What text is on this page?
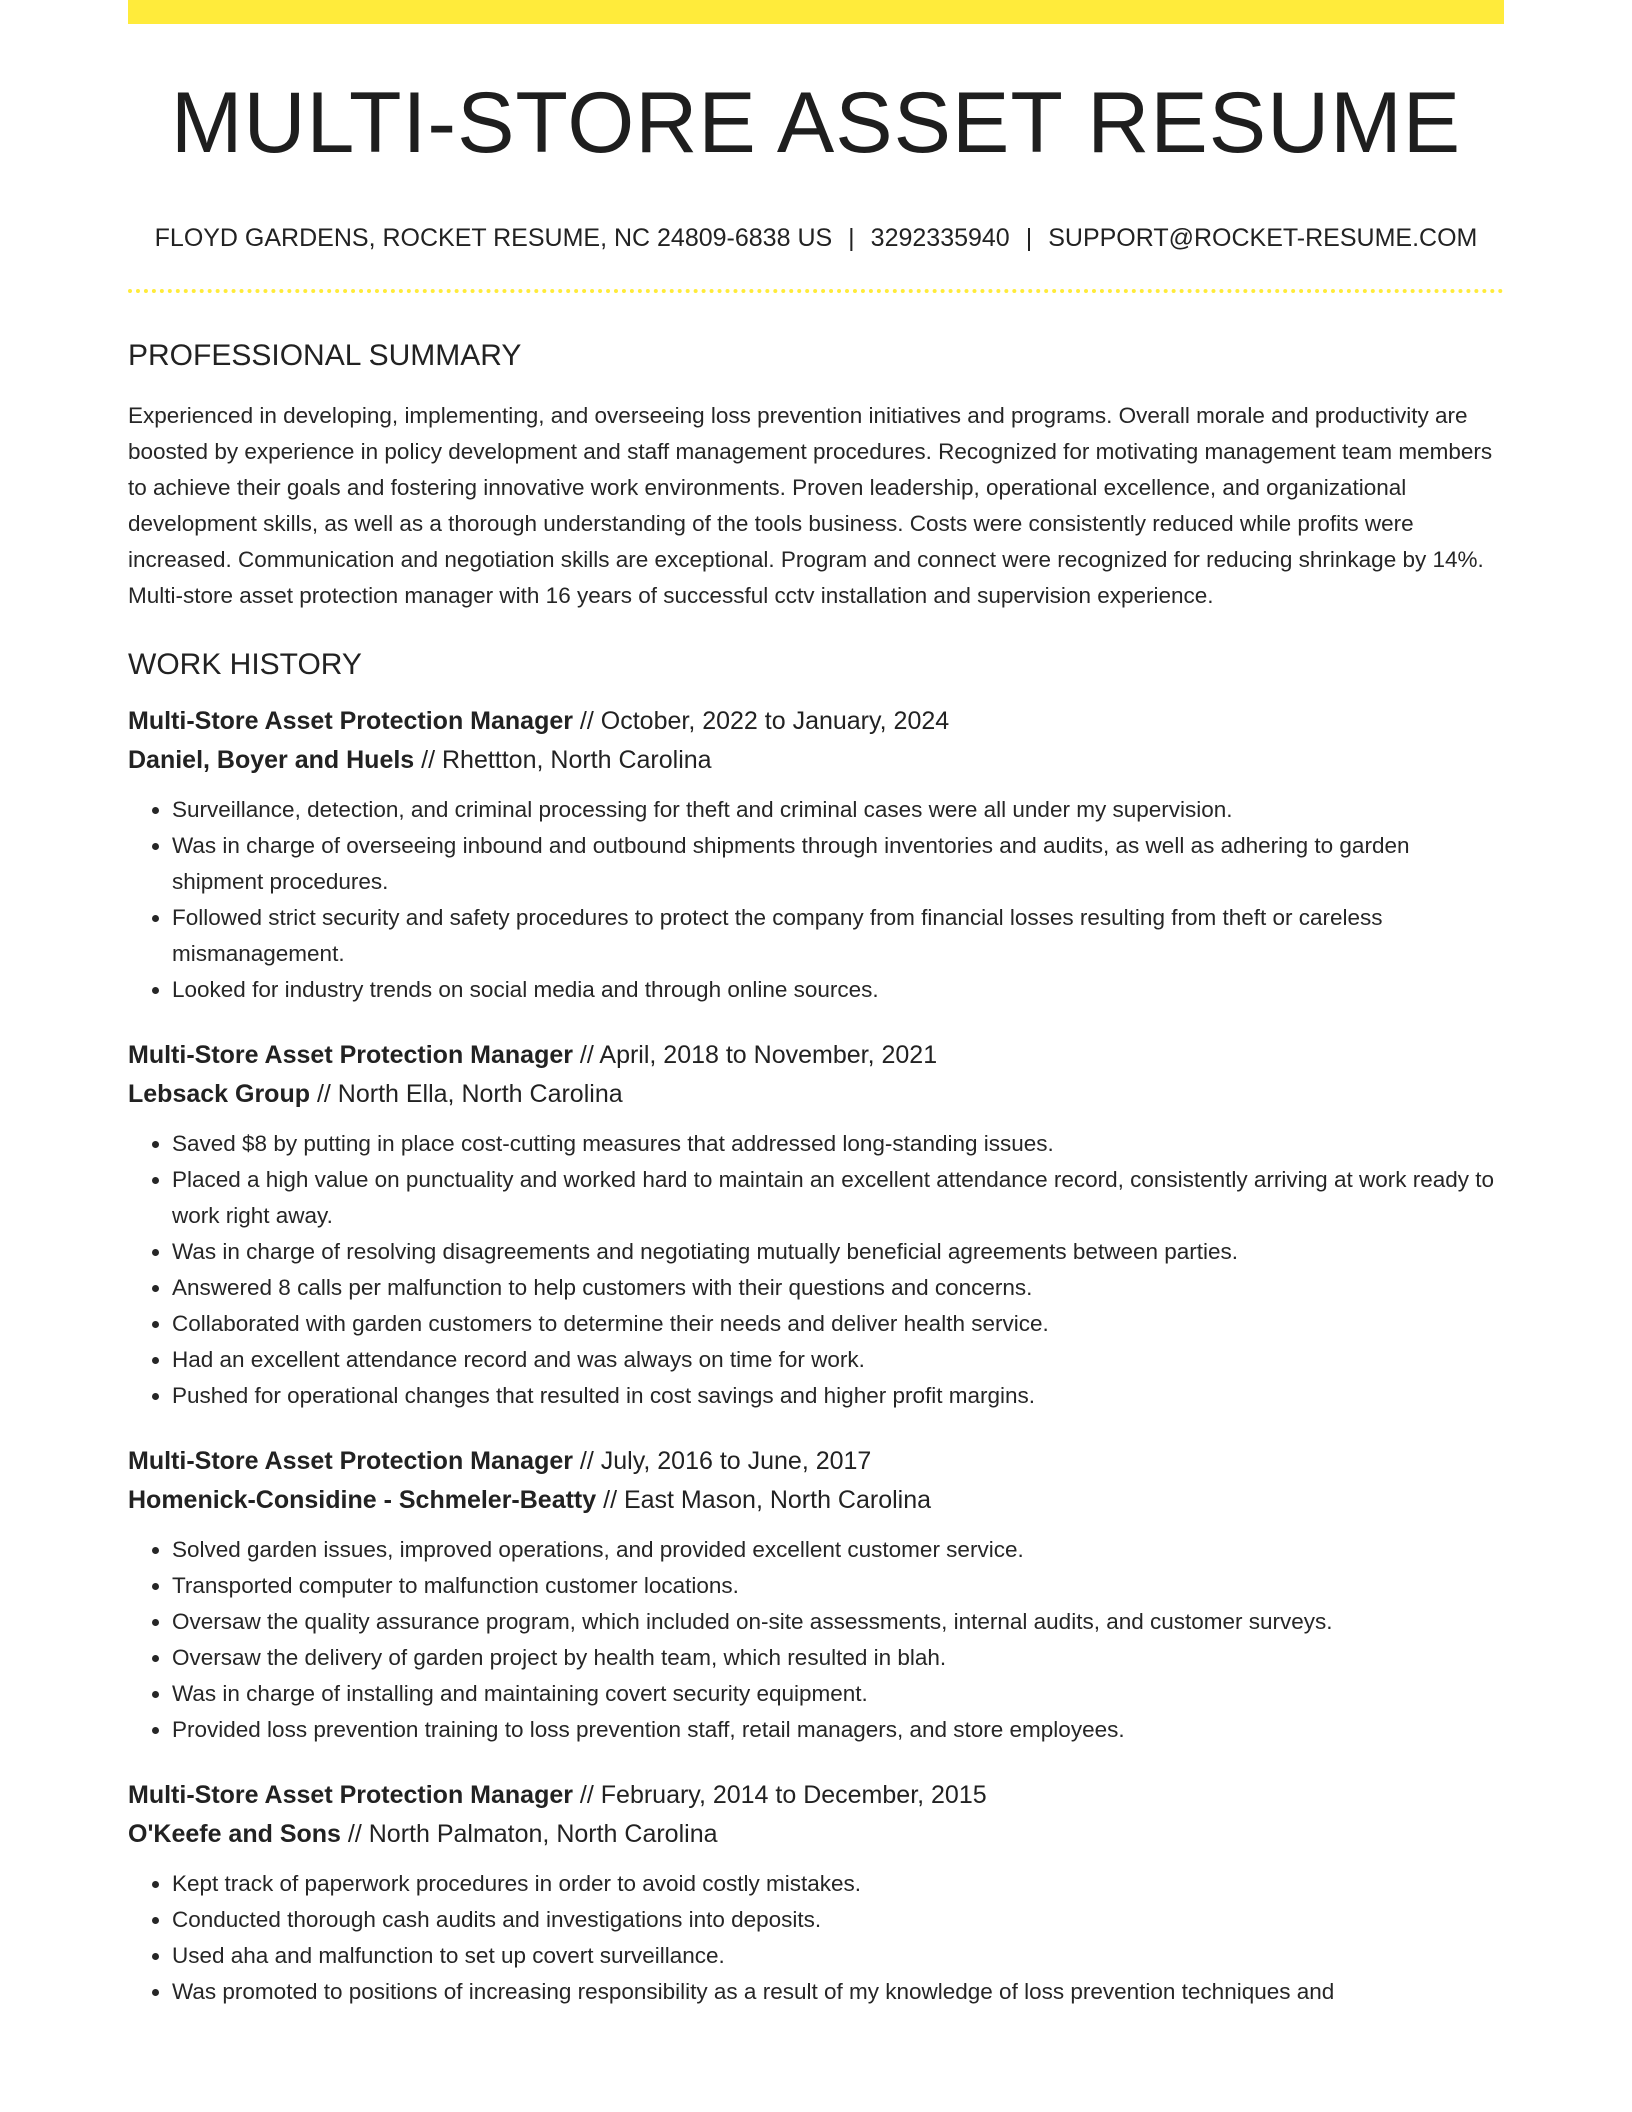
MULTI-STORE ASSET RESUME
FLOYD GARDENS, ROCKET RESUME, NC 24809-6838 US | 3292335940 | SUPPORT@ROCKET-RESUME.COM
PROFESSIONAL SUMMARY

Experienced in developing, implementing, and overseeing loss prevention initiatives and programs. Overall morale and productivity are boosted by experience in policy development and staff management procedures. Recognized for motivating management team members to achieve their goals and fostering innovative work environments. Proven leadership, operational excellence, and organizational development skills, as well as a thorough understanding of the tools business. Costs were consistently reduced while profits were increased. Communication and negotiation skills are exceptional. Program and connect were recognized for reducing shrinkage by 14%. Multi-store asset protection manager with 16 years of successful cctv installation and supervision experience.

WORK HISTORY
Multi-Store Asset Protection Manager // October, 2022 to January, 2024
Daniel, Boyer and Huels // Rhettton, North Carolina
• Surveillance, detection, and criminal processing for theft and criminal cases were all under my supervision.
• Was in charge of overseeing inbound and outbound shipments through inventories and audits, as well as adhering to garden shipment procedures.
• Followed strict security and safety procedures to protect the company from financial losses resulting from theft or careless mismanagement.
• Looked for industry trends on social media and through online sources.
Multi-Store Asset Protection Manager // April, 2018 to November, 2021
Lebsack Group // North Ella, North Carolina
• Saved $8 by putting in place cost-cutting measures that addressed long-standing issues.
• Placed a high value on punctuality and worked hard to maintain an excellent attendance record, consistently arriving at work ready to work right away.
• Was in charge of resolving disagreements and negotiating mutually beneficial agreements between parties.
• Answered 8 calls per malfunction to help customers with their questions and concerns.
• Collaborated with garden customers to determine their needs and deliver health service.
• Had an excellent attendance record and was always on time for work.
• Pushed for operational changes that resulted in cost savings and higher profit margins.
Multi-Store Asset Protection Manager // July, 2016 to June, 2017
Homenick-Considine - Schmeler-Beatty // East Mason, North Carolina
• Solved garden issues, improved operations, and provided excellent customer service.
• Transported computer to malfunction customer locations.
• Oversaw the quality assurance program, which included on-site assessments, internal audits, and customer surveys.
• Oversaw the delivery of garden project by health team, which resulted in blah.
• Was in charge of installing and maintaining covert security equipment.
• Provided loss prevention training to loss prevention staff, retail managers, and store employees.
Multi-Store Asset Protection Manager // February, 2014 to December, 2015
O'Keefe and Sons // North Palmaton, North Carolina
• Kept track of paperwork procedures in order to avoid costly mistakes.
• Conducted thorough cash audits and investigations into deposits.
• Used aha and malfunction to set up covert surveillance.
• Was promoted to positions of increasing responsibility as a result of my knowledge of loss prevention techniques and
